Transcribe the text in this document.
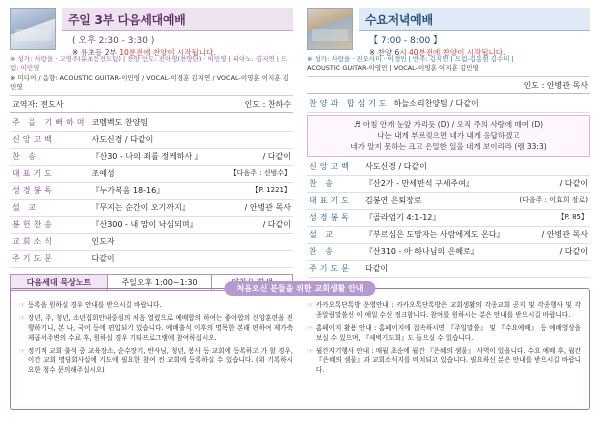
주일 3부 다음세대예배
( 오후 2:30 - 3:30 )
※ 유초등 2부 10분전에 찬양이 시작됩니다.
※ 성가: 사랑을 · 고영주(유초등전도팀) | 찬양 인도: 진아영(찬양단) · 이민영 | 피아노: 김지연 | 드럼: 이민영
※ 미디어 / 음향: ACOUSTIC GUITAR-이민영 / VOCAL-이경훈 김지연 / VOCAL-이영훈 이지훈 김민영
교역자: 전도사	인도 : 찬하수
주 을 기뻐하며	코멤벡도 찬양팀	
신앙고백	사도신경 / 다같이	
찬 송	『산30 - 나의 죄를 정케하사 』	/ 다같이
대표기도	조예성	【다음주 : 선범수】
성경봉독	『누가복음 18-16』	【P. 1221】
설 교	『무지는 순간이 오기까지』	/ 안병관 목사
봉헌찬송	『산300 - 내 맘이 낙심되며』	/ 다같이
교회소식	인도자	
주기도문	다같이	
다음세대 묵상노트	주일오후 1:00~1:30
수요저녁예배
【 7:00 - 8:00 】
※ 찬양 6시 40분전에 찬양이 시작됩니다.
※ 성가: 사랑을 · 진오사미 · 이경민 | 반주: 김지연 | 드럼-김동현 김수미 |
ACOUSTIC GUITAR-이영민 | VOCAL-이영훈 이지훈 김민영
인도 : 안병관 목사
찬양과 합심기도	하늘소리찬양팀 / 다같이
♬ 아침 안개 눈앞 가리듯 (D) / 오직 주의 사랑에 매여 (D)
나는 내게 부르짖으면 네가 내게 응답하겠고
네가 알지 못하는 크고 은밀한 일을 네게 보이리라 (렘 33:3)
신앙고백	사도신경 / 다같이	
찬 송	『산2가 - 만세반석 구세주여』	/ 다같이
대표기도	김봉연 은퇴장로	(다음주 : 이효희 장로)
성경봉독	『골라엄기 4:1-12』	【P. 85】
설 교	『부르심은 도망자는 사람에게도 온다』	/ 안병관 목사
찬 송	『산310 - 아 하나님의 은혜로』	/ 다같이
주기도문	다같이	
처음오신 분들을 위한 교회생활 안내
☞ 등록을 원하실 경우 안내를 받으시길 바랍니다.
☞ 장년, 주, 청년, 소년집회안내중심의 처음 열렸으로 예배합의 하여는 좋아합의 신앙훈련을 진행하기니, 본 나, 국어 등에 편입되기 있습니다. 예배출석 이후의 명목한 본래 편하여 제가축제곱서주변의 수료 후, 원하실 경우 기타프로그램에 참여하십시오.
☞ 정기적 교회 출석 중 교육장소, 순수장기, 반사님, 청년, 봉사 등 교회에 등록하고 가 할 경우, 이간 교회 명담회사실에 기도에 필요한 참여 전 교회에 등록하실 수 있습니다. (위 기록하시 요한 청수 문의해주십시오)
☞ 카카오톡단톡방 운영안내 : 카카오톡단톡방은 교회생활의 각종교회 공지 및 각종행사 및 각종알림말씀신 이 예일 수신 정크함니다. 참여를 원하시는 분은 안내를 받으시길 바랍니다.
☞ 홈페이지 활용 안내 : 홈페이지에 접속하시면 『주일말씀』 및 『수요예배』 등 예배영상을 보실 수 있으며, 『새벽기도회』도 들으실 수 있습니다.
☞ 월간지기행사 안내 : 매월 초순에 월간 『은혜의 샘물』 사역이 있을니다. 수요 예배 후, 월간 『은혜의 샘물』과 교회소식지를 비치되고 있습니다. 필요하신 분은 안내를 받으시길 바랍니다.
